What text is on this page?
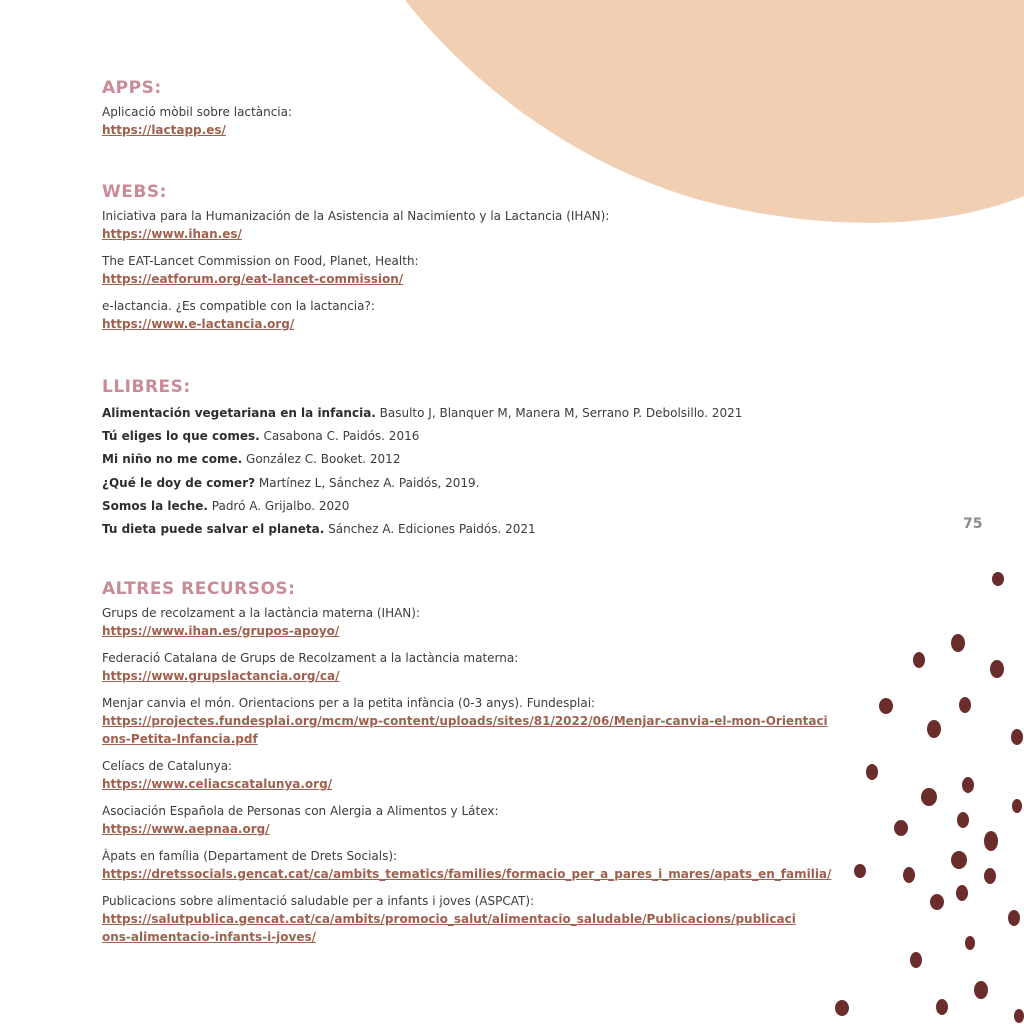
APPS:
Aplicació mòbil sobre lactància:
https://lactapp.es/
WEBS:
Iniciativa para la Humanización de la Asistencia al Nacimiento y la Lactancia (IHAN):
https://www.ihan.es/
The EAT-Lancet Commission on Food, Planet, Health:
https://eatforum.org/eat-lancet-commission/
e-lactancia. ¿Es compatible con la lactancia?:
https://www.e-lactancia.org/
LLIBRES:
Alimentación vegetariana en la infancia. Basulto J, Blanquer M, Manera M, Serrano P. Debolsillo. 2021
Tú eliges lo que comes. Casabona C. Paidós. 2016
Mi niño no me come. González C. Booket. 2012
¿Qué le doy de comer? Martínez L, Sánchez A. Paidós, 2019.
Somos la leche. Padró A. Grijalbo. 2020
Tu dieta puede salvar el planeta. Sánchez A. Ediciones Paidós. 2021
ALTRES RECURSOS:
Grups de recolzament a la lactància materna (IHAN):
https://www.ihan.es/grupos-apoyo/
Federació Catalana de Grups de Recolzament a la lactància materna:
https://www.grupslactancia.org/ca/
Menjar canvia el món. Orientacions per a la petita infància (0-3 anys). Fundesplai:
https://projectes.fundesplai.org/mcm/wp-content/uploads/sites/81/2022/06/Menjar-canvia-el-mon-Orientacions-Petita-Infancia.pdf
Celíacs de Catalunya:
https://www.celiacscatalunya.org/
Asociación Española de Personas con Alergia a Alimentos y Látex:
https://www.aepnaa.org/
Àpats en família (Departament de Drets Socials):
https://dretssocials.gencat.cat/ca/ambits_tematics/families/formacio_per_a_pares_i_mares/apats_en_familia/
Publicacions sobre alimentació saludable per a infants i joves (ASPCAT):
https://salutpublica.gencat.cat/ca/ambits/promocio_salut/alimentacio_saludable/Publicacions/publicacions-alimentacio-infants-i-joves/
75
